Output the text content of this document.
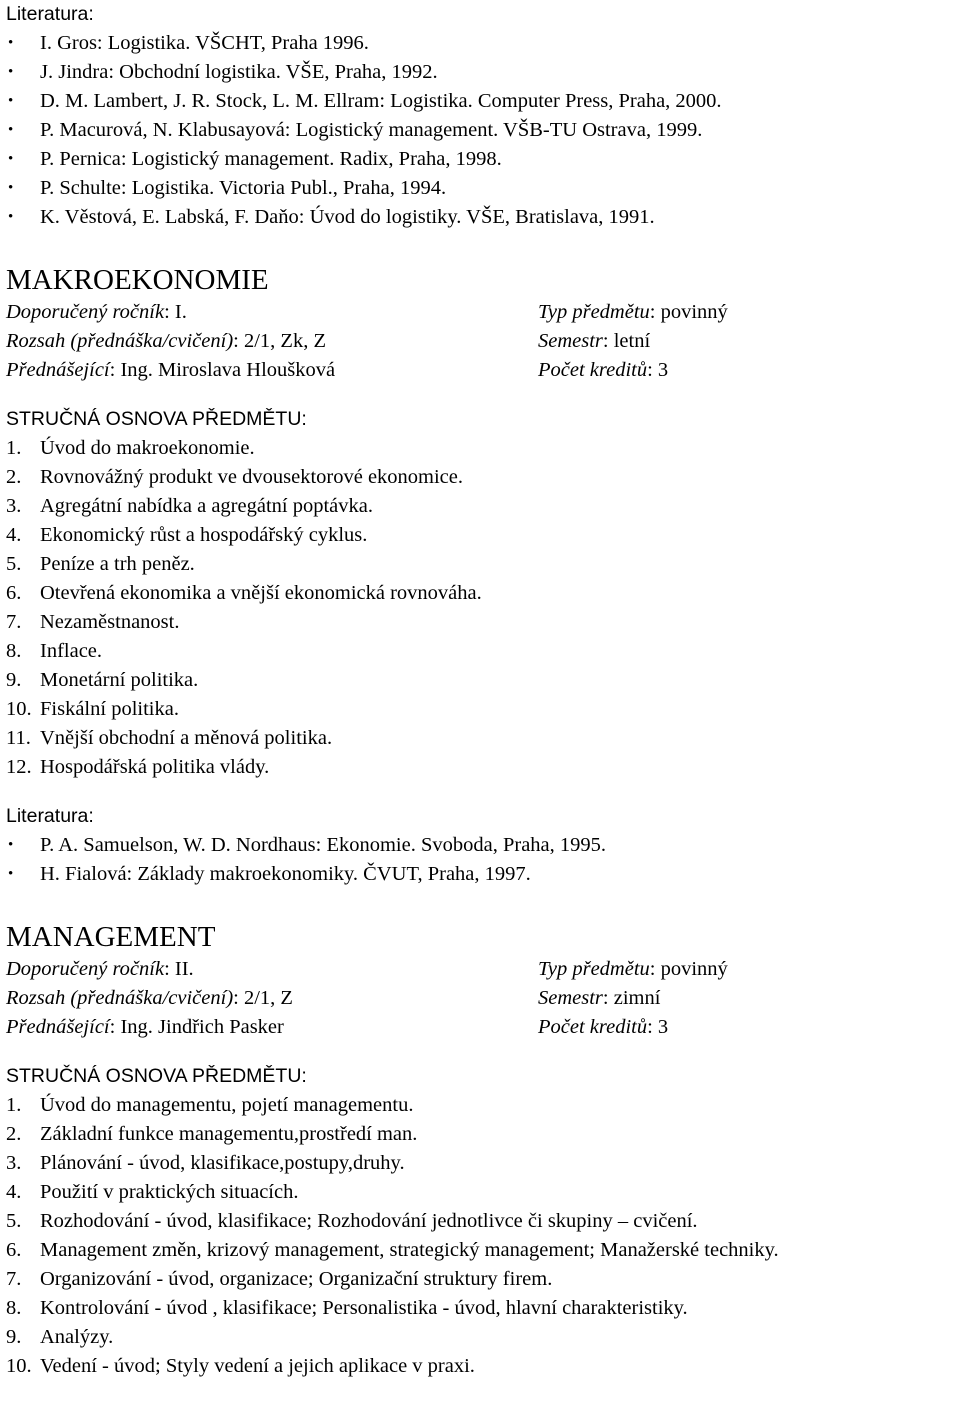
Literatura:
• I. Gros: Logistika. VŠCHT, Praha 1996.
• J. Jindra: Obchodní logistika. VŠE, Praha, 1992.
• D. M. Lambert, J. R. Stock, L. M. Ellram: Logistika. Computer Press, Praha, 2000.
• P. Macurová, N. Klabusayová: Logistický management. VŠB-TU Ostrava, 1999.
• P. Pernica: Logistický management. Radix, Praha, 1998.
• P. Schulte: Logistika. Victoria Publ., Praha, 1994.
• K. Věstová, E. Labská, F. Daňo: Úvod do logistiky. VŠE, Bratislava, 1991.
MAKROEKONOMIE
Doporučený ročník: I.	Typ předmětu: povinný
Rozsah (přednáška/cvičení): 2/1, Zk, Z	Semestr: letní
Přednášející: Ing. Miroslava Hloušková	Počet kreditů: 3
STRUČNÁ OSNOVA PŘEDMĚTU:
1. Úvod do makroekonomie.
2. Rovnovážný produkt ve dvousektorové ekonomice.
3. Agregátní nabídka a agregátní poptávka.
4. Ekonomický růst a hospodářský cyklus.
5. Peníze a trh peněz.
6. Otevřená ekonomika a vnější ekonomická rovnováha.
7. Nezaměstnanost.
8. Inflace.
9. Monetární politika.
10. Fiskální politika.
11. Vnější obchodní a měnová politika.
12. Hospodářská politika vlády.
Literatura:
• P. A. Samuelson, W. D. Nordhaus: Ekonomie. Svoboda, Praha, 1995.
• H. Fialová: Základy makroekonomiky. ČVUT, Praha, 1997.
MANAGEMENT
Doporučený ročník: II.	Typ předmětu: povinný
Rozsah (přednáška/cvičení): 2/1, Z	Semestr: zimní
Přednášející: Ing. Jindřich Pasker	Počet kreditů: 3
STRUČNÁ OSNOVA PŘEDMĚTU:
1. Úvod do managementu, pojetí managementu.
2. Základní funkce managementu,prostředí man.
3. Plánování - úvod, klasifikace,postupy,druhy.
4. Použití v praktických situacích.
5. Rozhodování - úvod, klasifikace; Rozhodování jednotlivce či skupiny – cvičení.
6. Management změn, krizový management, strategický management; Manažerské techniky.
7. Organizování - úvod, organizace; Organizační struktury firem.
8. Kontrolování - úvod , klasifikace; Personalistika - úvod, hlavní charakteristiky.
9. Analýzy.
10. Vedení - úvod; Styly vedení a jejich aplikace v praxi.
